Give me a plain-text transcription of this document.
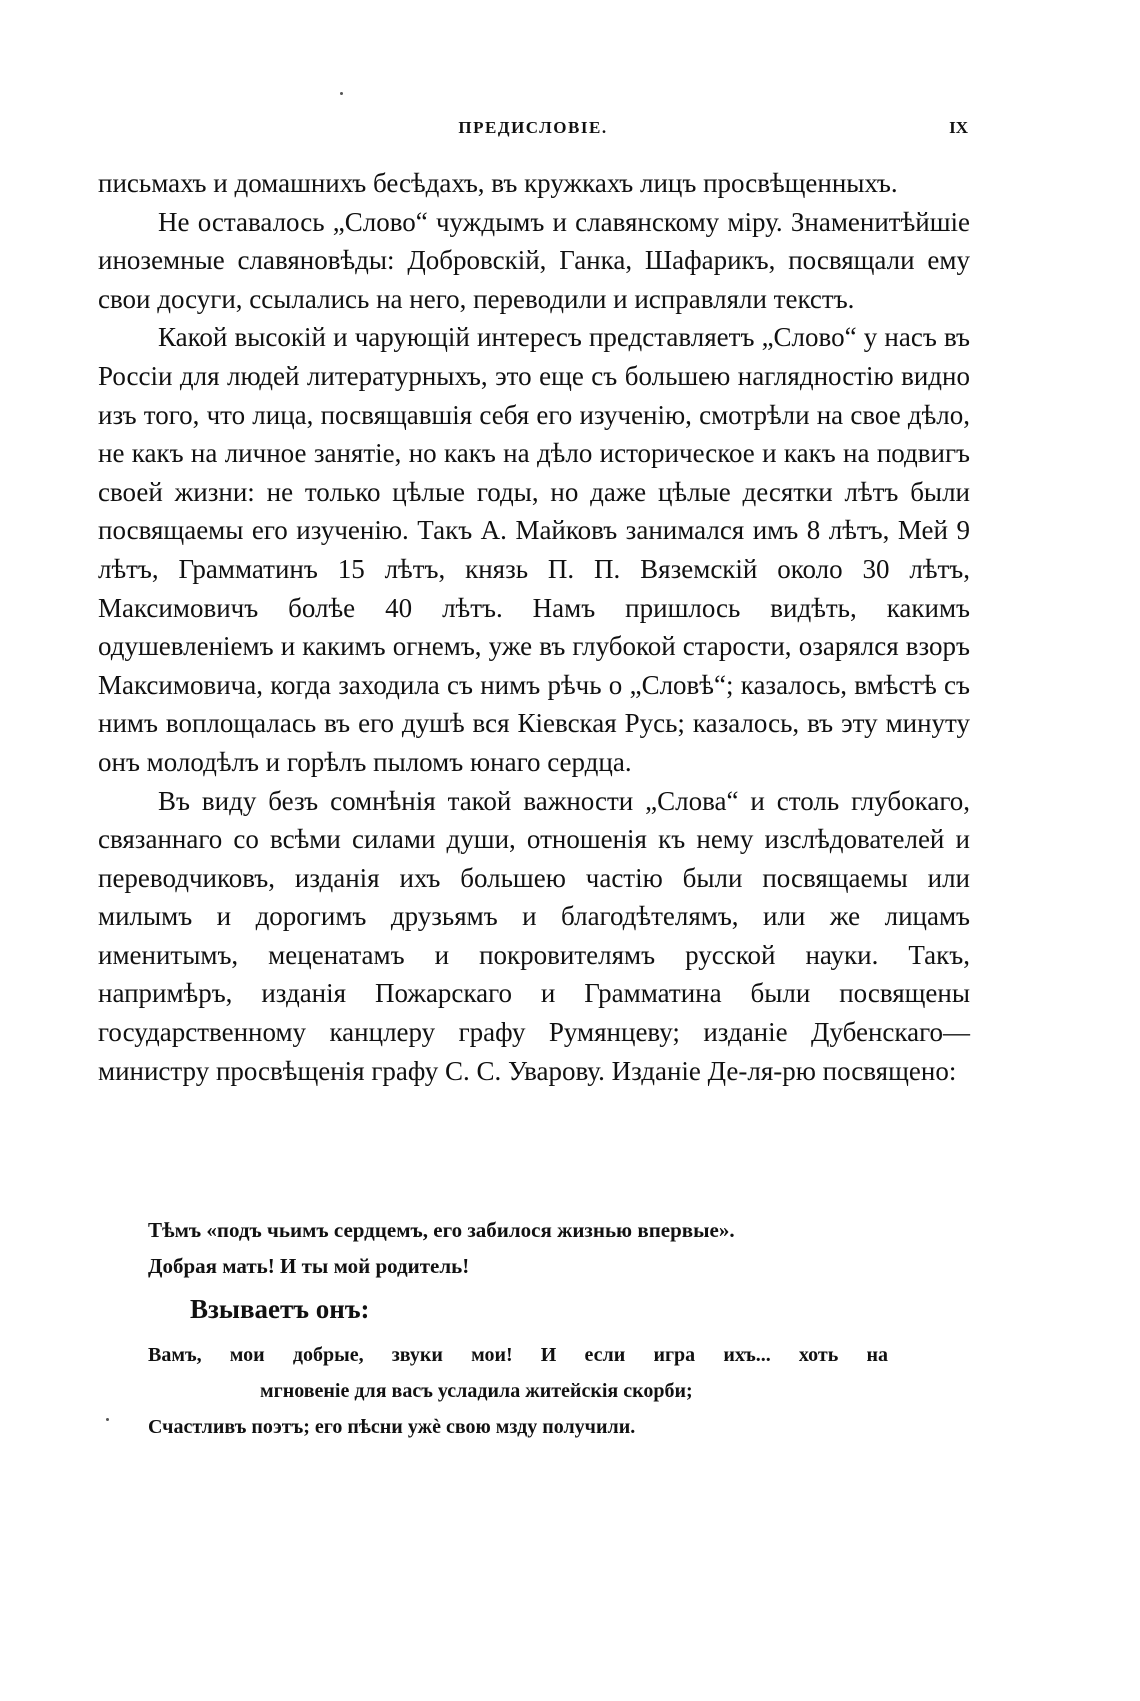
ПРЕДИСЛОВІЕ.	IX

письмахъ и домашнихъ бесѣдахъ, въ кружкахъ лицъ просвѣщенныхъ.

Не оставалось „Слово“ чуждымъ и славянскому міру. Знаменитѣйшіе иноземные славяновѣды: Добровскій, Ганка, Шафарикъ, посвящали ему свои досуги, ссылались на него, переводили и исправляли текстъ.

Какой высокій и чарующій интересъ представляетъ „Слово“ у насъ въ Россіи для людей литературныхъ, это еще съ большею наглядностію видно изъ того, что лица, посвящавшія себя его изученію, смотрѣли на свое дѣло, не какъ на личное занятіе, но какъ на дѣло историческое и какъ на подвигъ своей жизни: не только цѣлые годы, но даже цѣлые десятки лѣтъ были посвящаемы его изученію. Такъ А. Майковъ занимался имъ 8 лѣтъ, Мей 9 лѣтъ, Грамматинъ 15 лѣтъ, князь П. П. Вяземскій около 30 лѣтъ, Максимовичъ болѣе 40 лѣтъ. Намъ пришлось видѣть, какимъ одушевленіемъ и какимъ огнемъ, уже въ глубокой старости, озарялся взоръ Максимовича, когда заходила съ нимъ рѣчь о „Словѣ“; казалось, вмѣстѣ съ нимъ воплощалась въ его душѣ вся Кіевская Русь; казалось, въ эту минуту онъ молодѣлъ и горѣлъ пыломъ юнаго сердца.

Въ виду безъ сомнѣнія такой важности „Слова“ и столь глубокаго, связаннаго со всѣми силами души, отношенія къ нему изслѣдователей и переводчиковъ, изданія ихъ большею частію были посвящаемы или милымъ и дорогимъ друзьямъ и благодѣтелямъ, или же лицамъ именитымъ, меценатамъ и покровителямъ русской науки. Такъ, напримѣръ, изданія Пожарскаго и Грамматина были посвящены государственному канцлеру графу Румянцеву; изданіе Дубенскаго—министру просвѣщенія графу С. С. Уварову. Изданіе Де-ля-рю посвящено:

Тѣмъ «подъ чьимъ сердцемъ, его забилося жизнью впервые».
Добрая мать! И ты мой родитель!
Взываетъ онъ:
Вамъ, мои добрые, звуки мои! И если игра ихъ... хоть на
мгновеніе для васъ усладила житейскія скорби;
Счастливъ поэтъ; его пѣсни ужѐ свою мзду получили.
